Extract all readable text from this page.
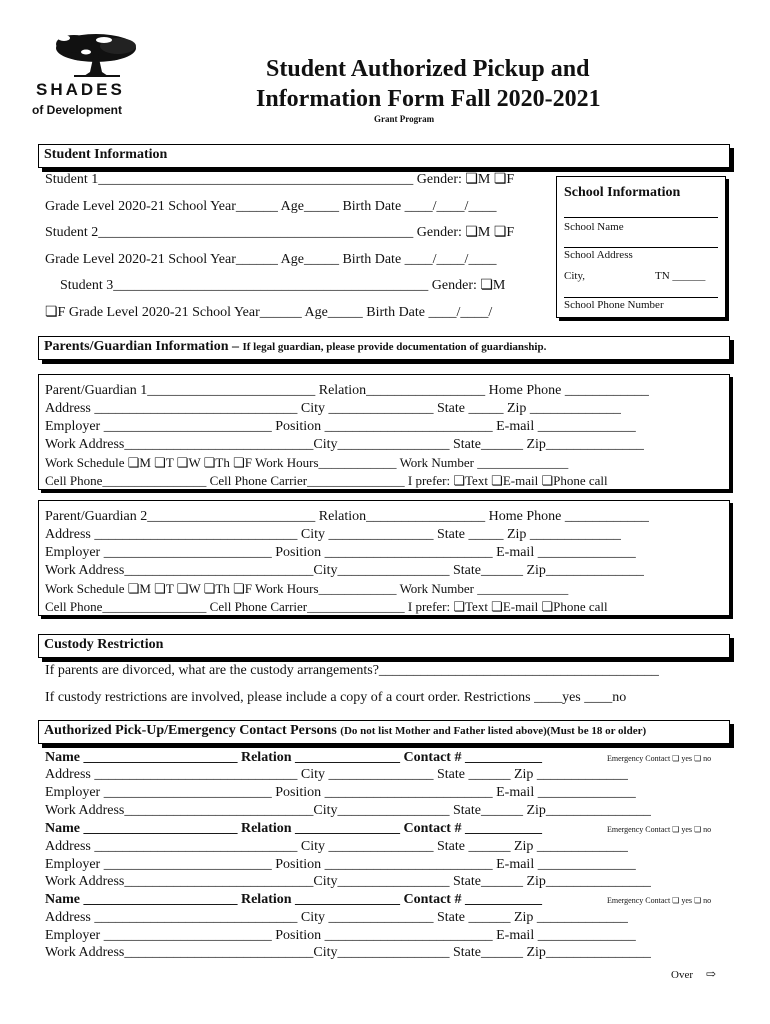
SHADES
of Development
Student Authorized Pickup and
Information Form Fall 2020-2021
Grant Program
Student Information
Student 1_____________________________________________ Gender: ❏M ❏F
Grade Level 2020-21 School Year______ Age_____ Birth Date ____/____/____
Student 2_____________________________________________ Gender: ❏M ❏F
Grade Level 2020-21 School Year______ Age_____ Birth Date ____/____/____
Student 3_____________________________________________ Gender: ❏M
❏F Grade Level 2020-21 School Year______ Age_____ Birth Date ____/____/
School Information
School Name
School Address
City,	TN ______
School Phone Number
Parents/Guardian Information – If legal guardian, please provide documentation of guardianship.
Parent/Guardian 1________________________ Relation_________________ Home Phone ____________
Address _____________________________ City _______________ State _____ Zip _____________
Employer ________________________ Position ________________________ E-mail ______________
Work Address___________________________City________________ State______ Zip______________
Work Schedule ❏M ❏T ❏W ❏Th ❏F Work Hours____________ Work Number ______________
Cell Phone________________ Cell Phone Carrier_______________ I prefer: ❏Text ❏E-mail ❏Phone call
Parent/Guardian 2________________________ Relation_________________ Home Phone ____________
Address _____________________________ City _______________ State _____ Zip _____________
Employer ________________________ Position ________________________ E-mail ______________
Work Address___________________________City________________ State______ Zip______________
Work Schedule ❏M ❏T ❏W ❏Th ❏F Work Hours____________ Work Number ______________
Cell Phone________________ Cell Phone Carrier_______________ I prefer: ❏Text ❏E-mail ❏Phone call
Custody Restriction
If parents are divorced, what are the custody arrangements?________________________________________
If custody restrictions are involved, please include a copy of a court order. Restrictions ____yes ____no
Authorized Pick-Up/Emergency Contact Persons (Do not list Mother and Father listed above)(Must be 18 or older)
Name ______________________ Relation _______________ Contact # ___________	Emergency Contact ❏ yes ❏ no
Address _____________________________ City _______________ State ______ Zip _____________
Employer ________________________ Position ________________________ E-mail ______________
Work Address___________________________City________________ State______ Zip_______________
Name ______________________ Relation _______________ Contact # ___________	Emergency Contact ❏ yes ❏ no
Address _____________________________ City _______________ State ______ Zip _____________
Employer ________________________ Position ________________________ E-mail ______________
Work Address___________________________City________________ State______ Zip_______________
Name ______________________ Relation _______________ Contact # ___________	Emergency Contact ❏ yes ❏ no
Address _____________________________ City _______________ State ______ Zip _____________
Employer ________________________ Position ________________________ E-mail ______________
Work Address___________________________City________________ State______ Zip_______________
Over ⇨
